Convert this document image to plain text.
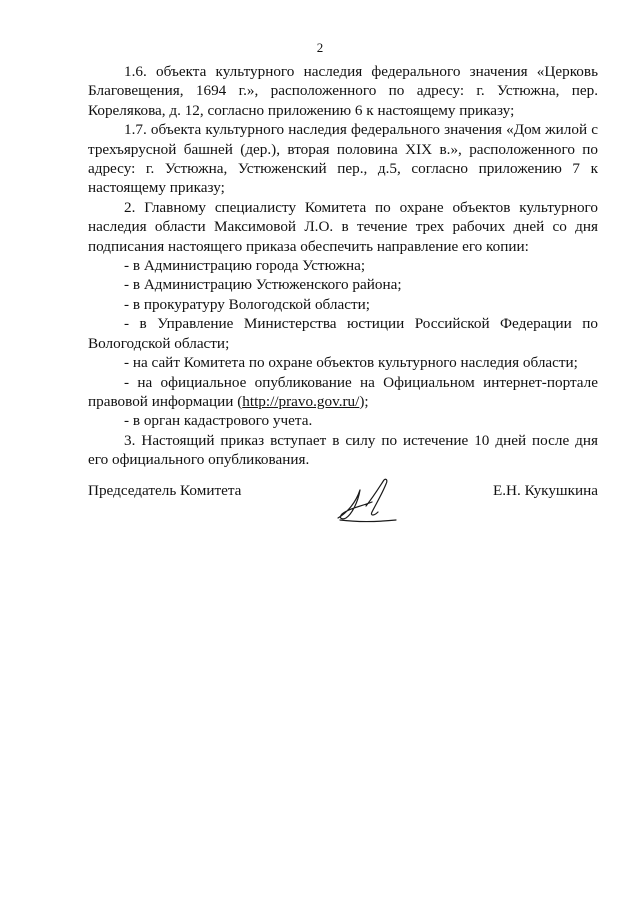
2

1.6. объекта культурного наследия федерального значения «Церковь Благовещения, 1694 г.», расположенного по адресу: г. Устюжна, пер. Корелякова, д. 12, согласно приложению 6 к настоящему приказу;

1.7. объекта культурного наследия федерального значения «Дом жилой с трехъярусной башней (дер.), вторая половина XIX в.», расположенного по адресу: г. Устюжна, Устюженский пер., д.5, согласно приложению 7 к настоящему приказу;

2. Главному специалисту Комитета по охране объектов культурного наследия области Максимовой Л.О. в течение трех рабочих дней со дня подписания настоящего приказа обеспечить направление его копии:

- в Администрацию города Устюжна;

- в Администрацию Устюженского района;

- в прокуратуру Вологодской области;

- в Управление Министерства юстиции Российской Федерации по Вологодской области;

- на сайт Комитета по охране объектов культурного наследия области;

- на официальное опубликование на Официальном интернет-портале правовой информации (http://pravo.gov.ru/);

- в орган кадастрового учета.

3. Настоящий приказ вступает в силу по истечение 10 дней после дня его официального опубликования.

Председатель Комитета	Е.Н. Кукушкина
